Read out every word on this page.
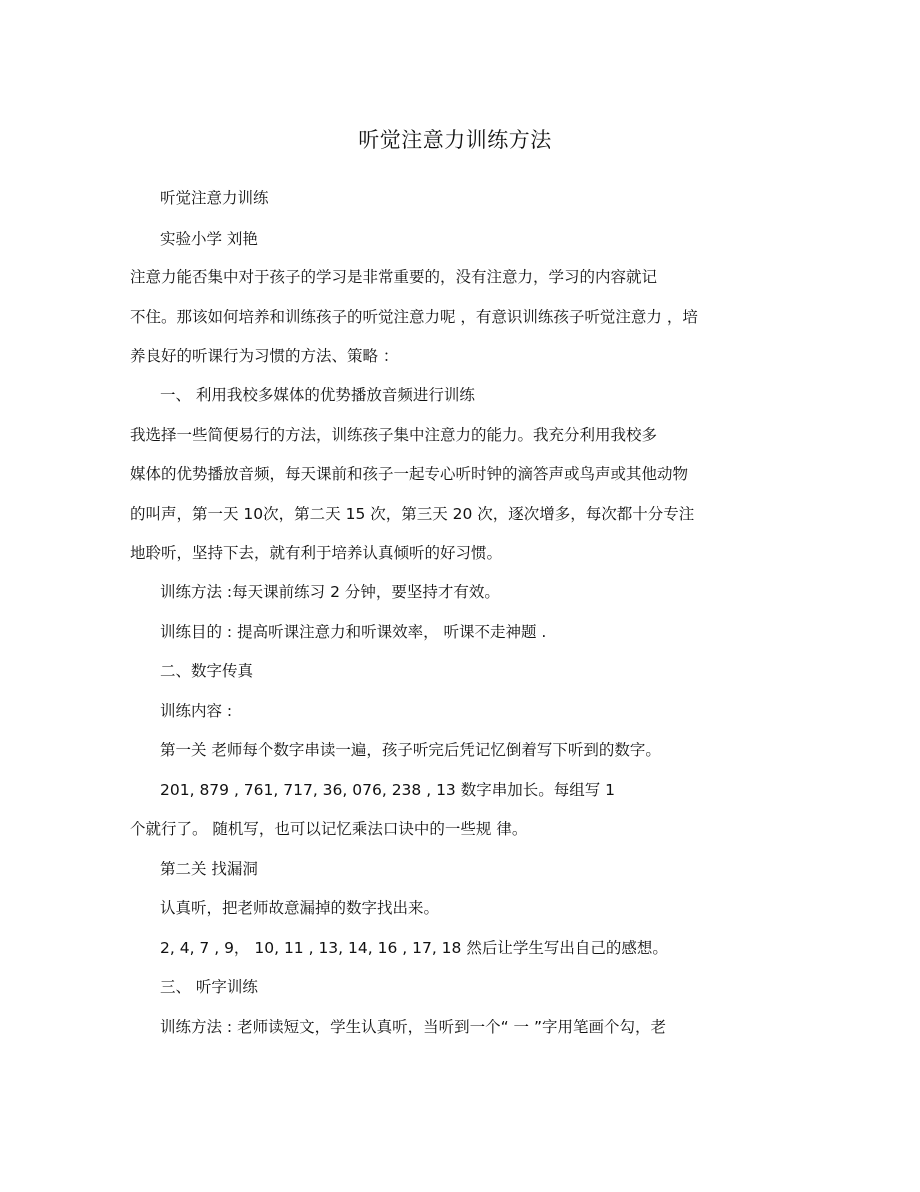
听觉注意力训练方法
听觉注意力训练
实验小学 刘艳
注意力能否集中对于孩子的学习是非常重要的，没有注意力，学习的内容就记
不住。那该如何培养和训练孩子的听觉注意力呢 ，有意识训练孩子听觉注意力 ，培
养良好的听课行为习惯的方法、策略 ：
一、 利用我校多媒体的优势播放音频进行训练
我选择一些简便易行的方法，训练孩子集中注意力的能力。我充分利用我校多
媒体的优势播放音频，每天课前和孩子一起专心听时钟的滴答声或鸟声或其他动物
的叫声，第一天 10次，第二天 15 次，第三天 20 次，逐次增多，每次都十分专注
地聆听，坚持下去，就有利于培养认真倾听的好习惯。
训练方法 :每天课前练习 2 分钟，要坚持才有效。
训练目的 : 提高听课注意力和听课效率， 听课不走神题 .
二、数字传真
训练内容 :
第一关 老师每个数字串读一遍，孩子听完后凭记忆倒着写下听到的数字。
201, 879 , 761, 717, 36, 076, 238 , 13 数字串加长。每组写 1
个就行了。 随机写，也可以记忆乘法口诀中的一些规 律。
第二关 找漏洞
认真听，把老师故意漏掉的数字找出来。
2, 4, 7 , 9， 10, 11 , 13, 14, 16 , 17, 18 然后让学生写出自己的感想。
三、 听字训练
训练方法 : 老师读短文，学生认真听，当听到一个“ 一 ”字用笔画个勾，老
